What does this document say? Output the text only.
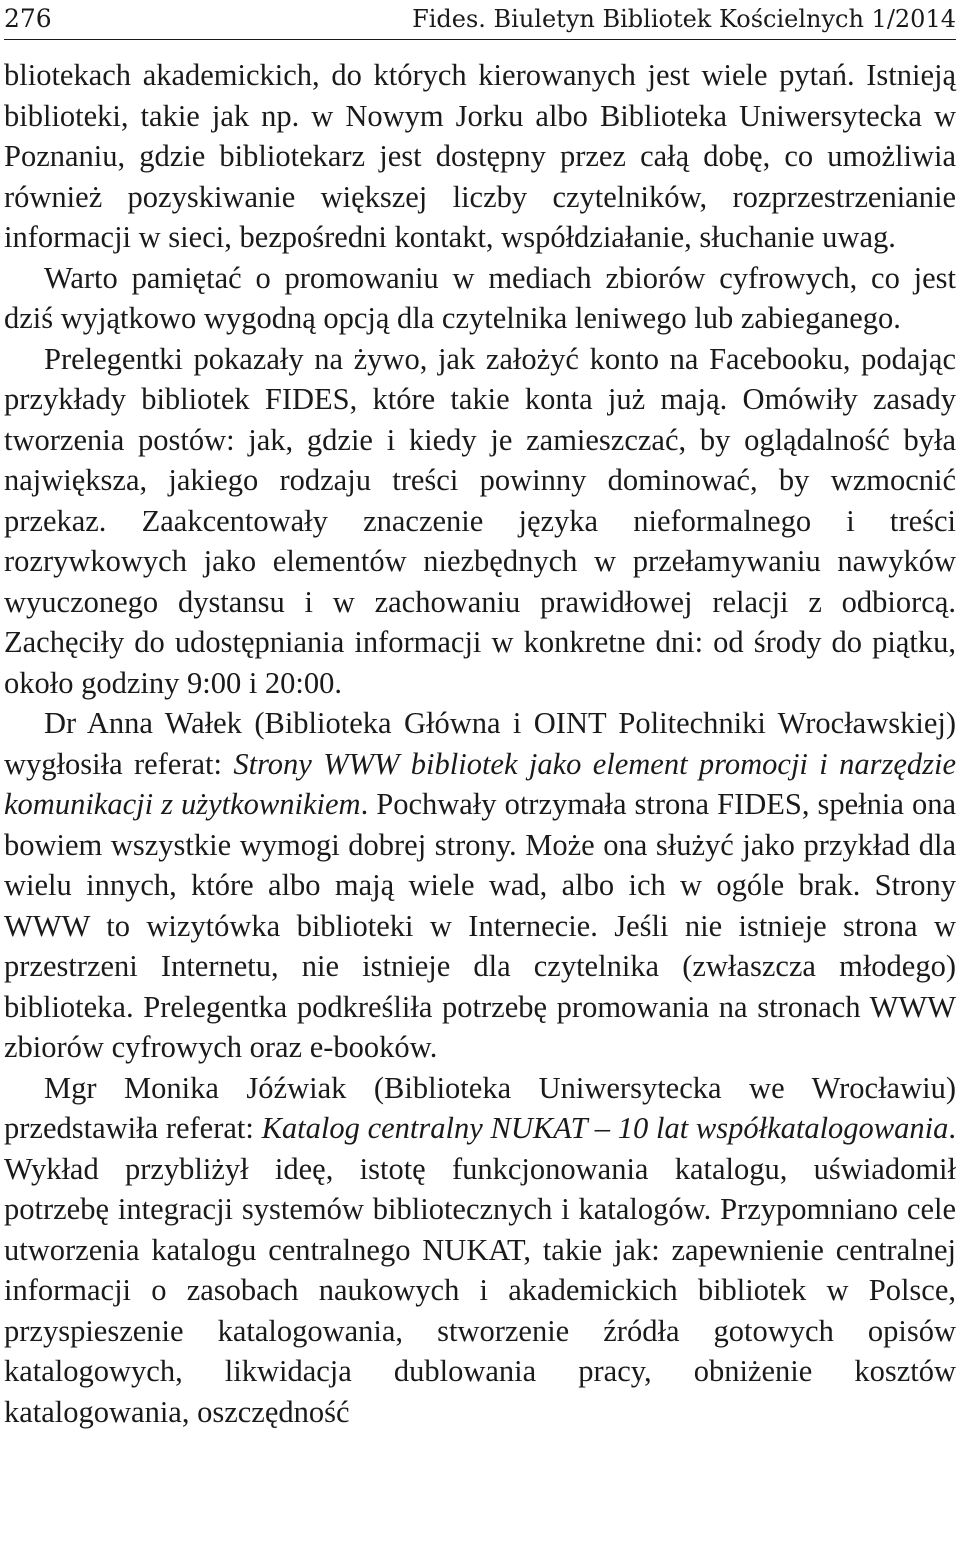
276	Fides. Biuletyn Bibliotek Kościelnych 1/2014

bliotekach akademickich, do których kierowanych jest wiele pytań. Istnieją biblioteki, takie jak np. w Nowym Jorku albo Biblioteka Uniwersytecka w Poznaniu, gdzie bibliotekarz jest dostępny przez całą dobę, co umożliwia również pozyskiwanie większej liczby czytelników, rozprzestrzenianie informacji w sieci, bezpośredni kontakt, współdziałanie, słuchanie uwag.

Warto pamiętać o promowaniu w mediach zbiorów cyfrowych, co jest dziś wyjątkowo wygodną opcją dla czytelnika leniwego lub zabieganego.

Prelegentki pokazały na żywo, jak założyć konto na Facebooku, podając przykłady bibliotek FIDES, które takie konta już mają. Omówiły zasady tworzenia postów: jak, gdzie i kiedy je zamieszczać, by oglądalność była największa, jakiego rodzaju treści powinny dominować, by wzmocnić przekaz. Zaakcentowały znaczenie języka nieformalnego i treści rozrywkowych jako elementów niezbędnych w przełamywaniu nawyków wyuczonego dystansu i w zachowaniu prawidłowej relacji z odbiorcą. Zachęciły do udostępniania informacji w konkretne dni: od środy do piątku, około godziny 9:00 i 20:00.

Dr Anna Wałek (Biblioteka Główna i OINT Politechniki Wrocławskiej) wygłosiła referat: Strony WWW bibliotek jako element promocji i narzędzie komunikacji z użytkownikiem. Pochwały otrzymała strona FIDES, spełnia ona bowiem wszystkie wymogi dobrej strony. Może ona służyć jako przykład dla wielu innych, które albo mają wiele wad, albo ich w ogóle brak. Strony WWW to wizytówka biblioteki w Internecie. Jeśli nie istnieje strona w przestrzeni Internetu, nie istnieje dla czytelnika (zwłaszcza młodego) biblioteka. Prelegentka podkreśliła potrzebę promowania na stronach WWW zbiorów cyfrowych oraz e-booków.

Mgr Monika Jóźwiak (Biblioteka Uniwersytecka we Wrocławiu) przedstawiła referat: Katalog centralny NUKAT – 10 lat współkatalogowania. Wykład przybliżył ideę, istotę funkcjonowania katalogu, uświadomił potrzebę integracji systemów bibliotecznych i katalogów. Przypomniano cele utworzenia katalogu centralnego NUKAT, takie jak: zapewnienie centralnej informacji o zasobach naukowych i akademickich bibliotek w Polsce, przyspieszenie katalogowania, stworzenie źródła gotowych opisów katalogowych, likwidacja dublowania pracy, obniżenie kosztów katalogowania, oszczędność
